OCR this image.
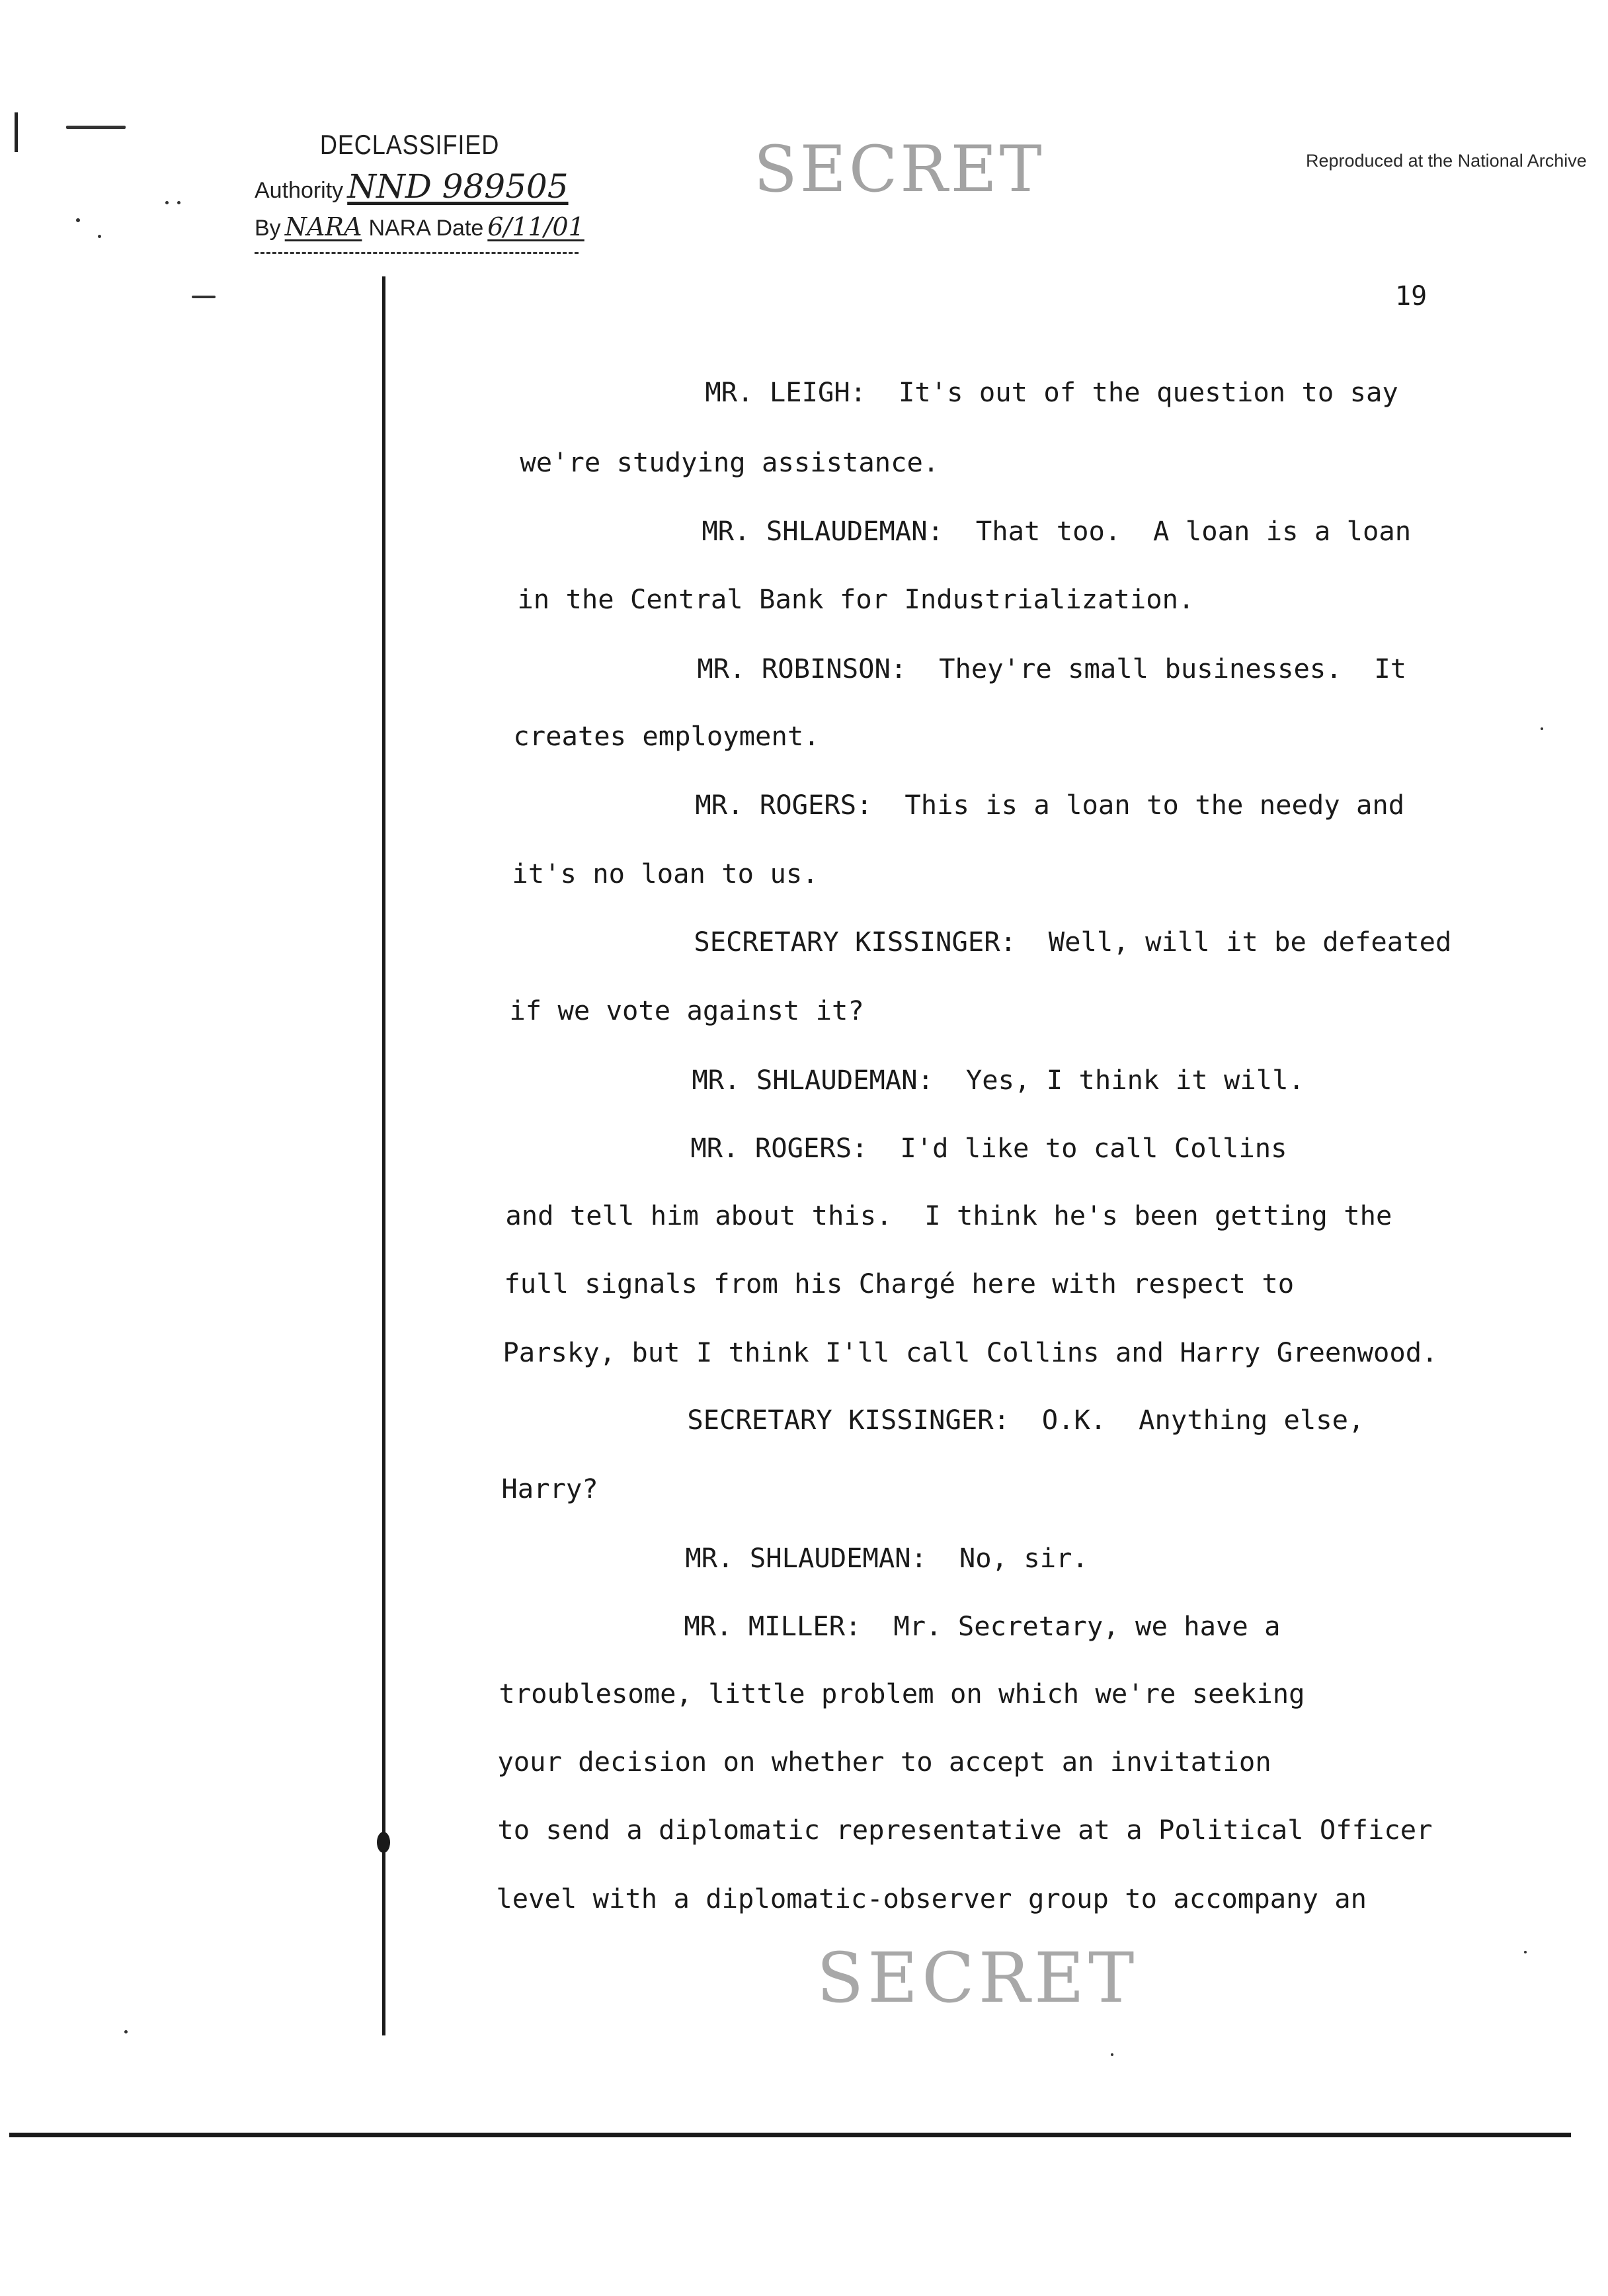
DECLASSIFIED
Authority NND 989505
By NARA NARA Date 6/11/01
SECRET	Reproduced at the National Archive
19

MR. LEIGH: It's out of the question to say

we're studying assistance.

MR. SHLAUDEMAN: That too.  A loan is a loan

in the Central Bank for Industrialization.

MR. ROBINSON: They're small businesses.  It

creates employment.

MR. ROGERS: This is a loan to the needy and

it's no loan to us.

SECRETARY KISSINGER: Well, will it be defeated

if we vote against it?

MR. SHLAUDEMAN: Yes, I think it will.

MR. ROGERS: I'd like to call Collins

and tell him about this.  I think he's been getting the

full signals from his Chargé here with respect to

Parsky, but I think I'll call Collins and Harry Greenwood.

SECRETARY KISSINGER: O.K.  Anything else,

Harry?

MR. SHLAUDEMAN: No, sir.

MR. MILLER: Mr. Secretary, we have a

troublesome, little problem on which we're seeking

your decision on whether to accept an invitation

to send a diplomatic representative at a Political Officer

level with a diplomatic-observer group to accompany an

SECRET
